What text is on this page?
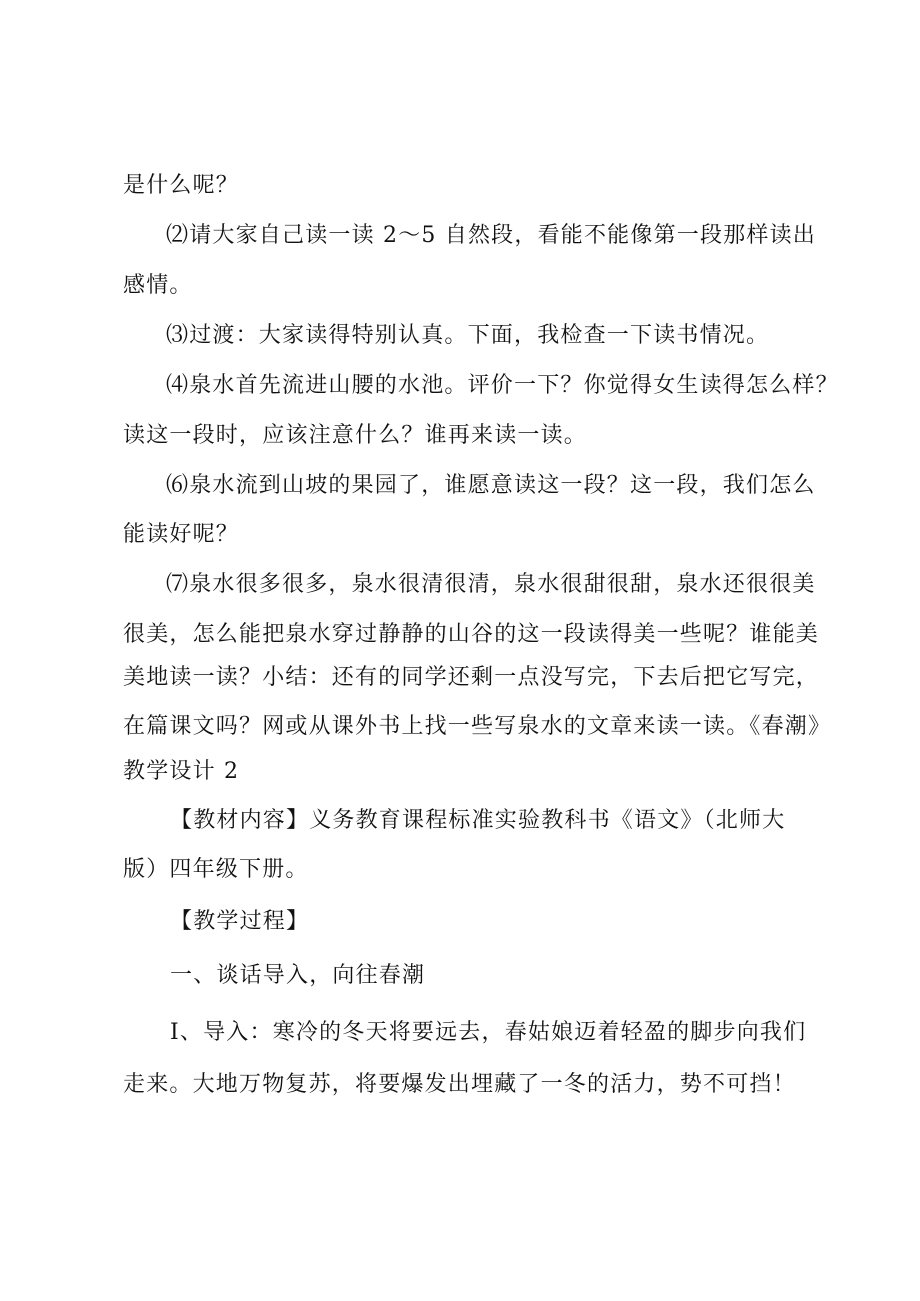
是什么呢？
⑵请大家自己读一读 2～5 自然段，看能不能像第一段那样读出
感情。
⑶过渡：大家读得特别认真。下面，我检查一下读书情况。
⑷泉水首先流进山腰的水池。评价一下？你觉得女生读得怎么样？
读这一段时，应该注意什么？谁再来读一读。
⑹泉水流到山坡的果园了，谁愿意读这一段？这一段，我们怎么
能读好呢？
⑺泉水很多很多，泉水很清很清，泉水很甜很甜，泉水还很很美
很美，怎么能把泉水穿过静静的山谷的这一段读得美一些呢？谁能美
美地读一读？小结：还有的同学还剩一点没写完，下去后把它写完，
在篇课文吗？网或从课外书上找一些写泉水的文章来读一读。《春潮》
教学设计 2
【教材内容】义务教育课程标准实验教科书《语文》（北师大
版）四年级下册。
【教学过程】
一、谈话导入，向往春潮
Ⅰ、导入：寒冷的冬天将要远去，春姑娘迈着轻盈的脚步向我们
走来。大地万物复苏，将要爆发出埋藏了一冬的活力，势不可挡！
